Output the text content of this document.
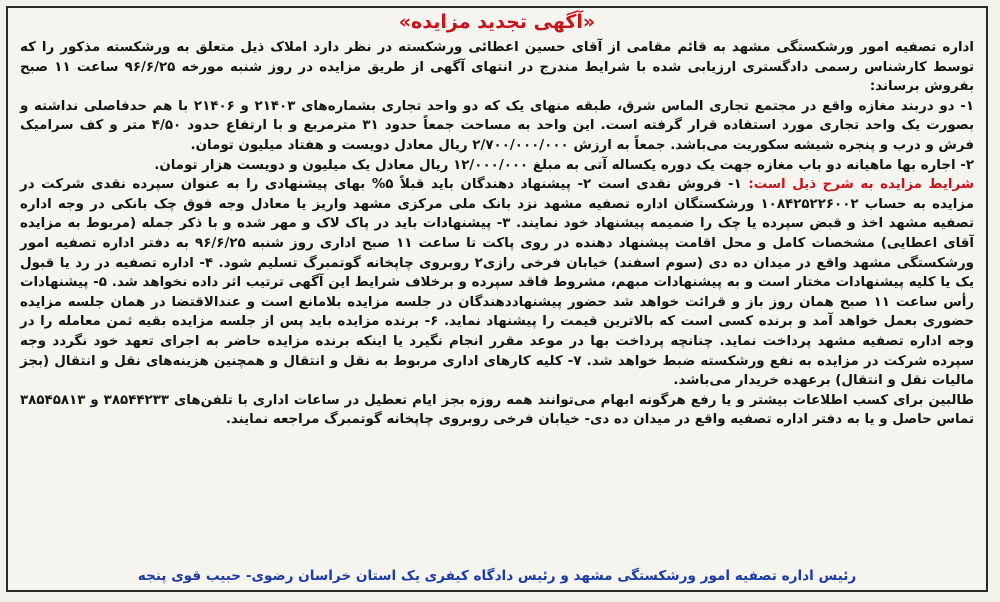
«آگهی تجدید مزایده»

اداره تصفیه امور ورشکستگی مشهد به قائم مقامی از آقای حسین اعطائی ورشکسته در نظر دارد املاک ذیل متعلق به ورشکسته مذکور را که توسط کارشناس رسمی دادگستری ارزیابی شده با شرایط مندرج در انتهای آگهی از طریق مزایده در روز شنبه مورخه ۹۶/۶/۲۵ ساعت ۱۱ صبح بفروش برساند:

۱- دو دربند مغازه واقع در مجتمع تجاری الماس شرق، طبقه منهای یک که دو واحد تجاری بشماره‌های ۲۱۴۰۳ و ۲۱۴۰۶ با هم حدفاصلی نداشته و بصورت یک واحد تجاری مورد استفاده قرار گرفته است. این واحد به مساحت جمعاً حدود ۳۱ مترمربع و با ارتفاع حدود ۴/۵۰ متر و کف سرامیک فرش و درب و پنجره شیشه سکوریت می‌باشد. جمعاً به ارزش ۲/۷۰۰/۰۰۰/۰۰۰ ریال معادل دویست و هفتاد میلیون تومان.

۲- اجاره بها ماهیانه دو باب مغازه جهت یک دوره یکساله آتی به مبلغ ۱۲/۰۰۰/۰۰۰ ریال معادل یک میلیون و دویست هزار تومان.

شرایط مزایده به شرح ذیل است: ۱- فروش نقدی است ۲- پیشنهاد دهندگان باید قبلاً ۵% بهای پیشنهادی را به عنوان سپرده نقدی شرکت در مزایده به حساب ۱۰۸۴۲۵۲۲۶۰۰۲ ورشکستگان اداره تصفیه مشهد نزد بانک ملی مرکزی مشهد واریز یا معادل وجه فوق چک بانکی در وجه اداره تصفیه مشهد اخذ و قبض سپرده یا چک را ضمیمه پیشنهاد خود نمایند. ۳- پیشنهادات باید در پاک لاک و مهر شده و با ذکر جمله (مربوط به مزایده آقای اعطایی) مشخصات کامل و محل اقامت پیشنهاد دهنده در روی پاکت تا ساعت ۱۱ صبح اداری روز شنبه ۹۶/۶/۲۵ به دفتر اداره تصفیه امور ورشکستگی مشهد واقع در میدان ده دی (سوم اسفند) خیابان فرخی رازی۲ روبروی چاپخانه گوتمبرگ تسلیم شود. ۴- اداره تصفیه در رد یا قبول یک یا کلیه پیشنهادات مختار است و به پیشنهادات مبهم، مشروط فاقد سپرده و برخلاف شرایط این آگهی ترتیب اثر داده نخواهد شد. ۵- پیشنهادات رأس ساعت ۱۱ صبح همان روز باز و قرائت خواهد شد حضور پیشنهاددهندگان در جلسه مزایده بلامانع است و عندالاقتضا در همان جلسه مزایده حضوری بعمل خواهد آمد و برنده کسی است که بالاترین قیمت را پیشنهاد نماید. ۶- برنده مزایده باید پس از جلسه مزایده بقیه ثمن معامله را در وجه اداره تصفیه مشهد پرداخت نماید. چنانچه پرداخت بها در موعد مقرر انجام نگیرد یا اینکه برنده مزایده حاضر به اجرای تعهد خود نگردد وجه سپرده شرکت در مزایده به نفع ورشکسته ضبط خواهد شد. ۷- کلیه کارهای اداری مربوط به نقل و انتقال و همچنین هزینه‌های نقل و انتقال (بجز مالیات نقل و انتقال) برعهده خریدار می‌باشد.

طالبین برای کسب اطلاعات بیشتر و یا رفع هرگونه ابهام می‌توانند همه روزه بجز ایام تعطیل در ساعات اداری با تلفن‌های ۳۸۵۴۴۲۳۳ و ۳۸۵۴۵۸۱۳ تماس حاصل و یا به دفتر اداره تصفیه واقع در میدان ده دی- خیابان فرخی روبروی چاپخانه گوتمبرگ مراجعه نمایند.

رئیس اداره تصفیه امور ورشکستگی مشهد و رئیس دادگاه کیفری یک استان خراسان رضوی- حبیب قوی پنجه
